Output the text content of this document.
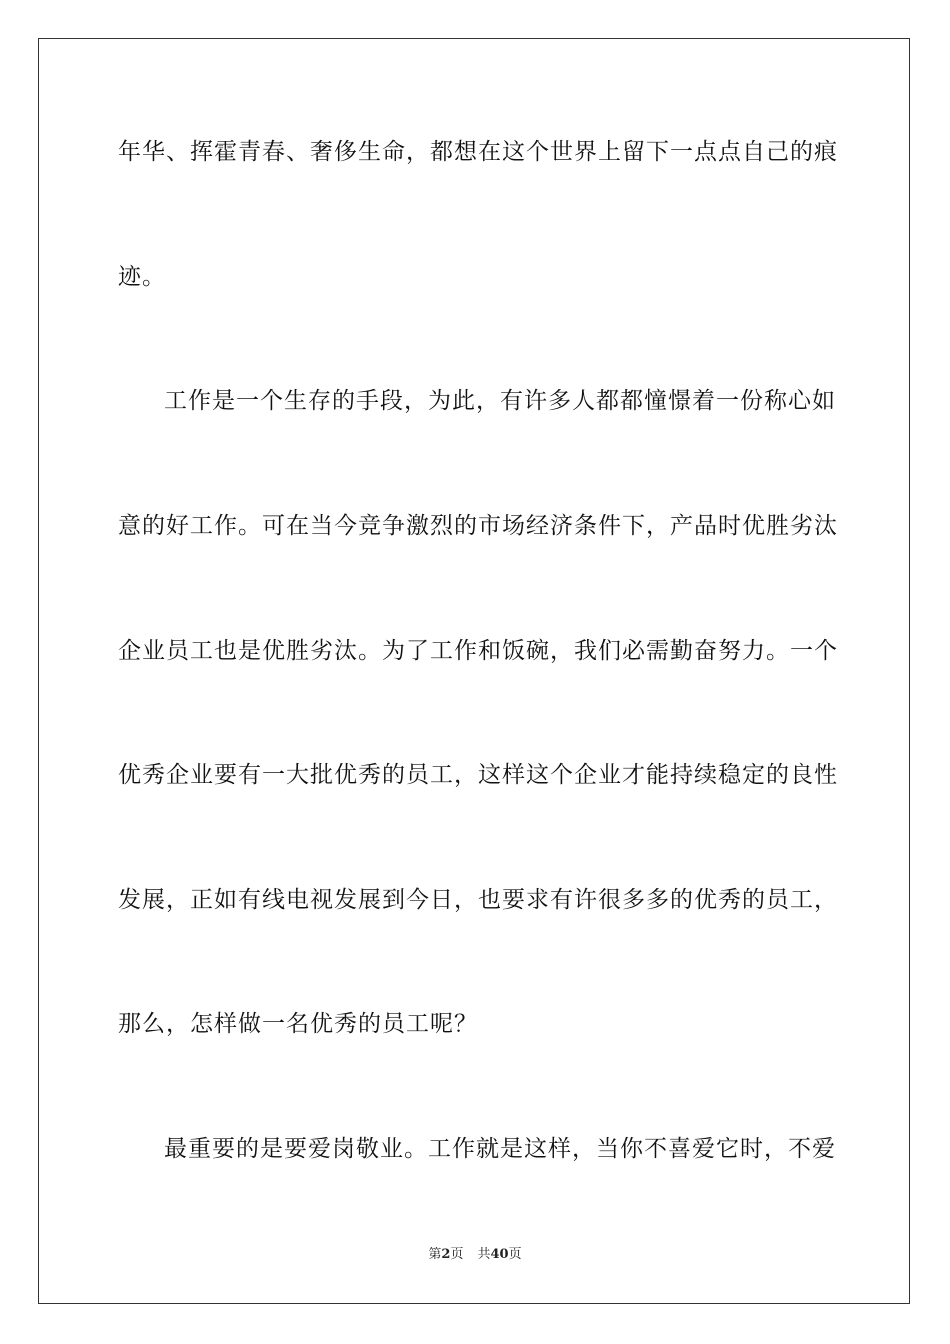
年华、挥霍青春、奢侈生命，都想在这个世界上留下一点点自己的痕
迹。
工作是一个生存的手段，为此，有许多人都都憧憬着一份称心如
意的好工作。可在当今竞争激烈的市场经济条件下，产品时优胜劣汰
企业员工也是优胜劣汰。为了工作和饭碗，我们必需勤奋努力。一个
优秀企业要有一大批优秀的员工，这样这个企业才能持续稳定的良性
发展，正如有线电视发展到今日，也要求有许很多多的优秀的员工，
那么，怎样做一名优秀的员工呢？
最重要的是要爱岗敬业。工作就是这样，当你不喜爱它时，不爱
第2页 共40页
